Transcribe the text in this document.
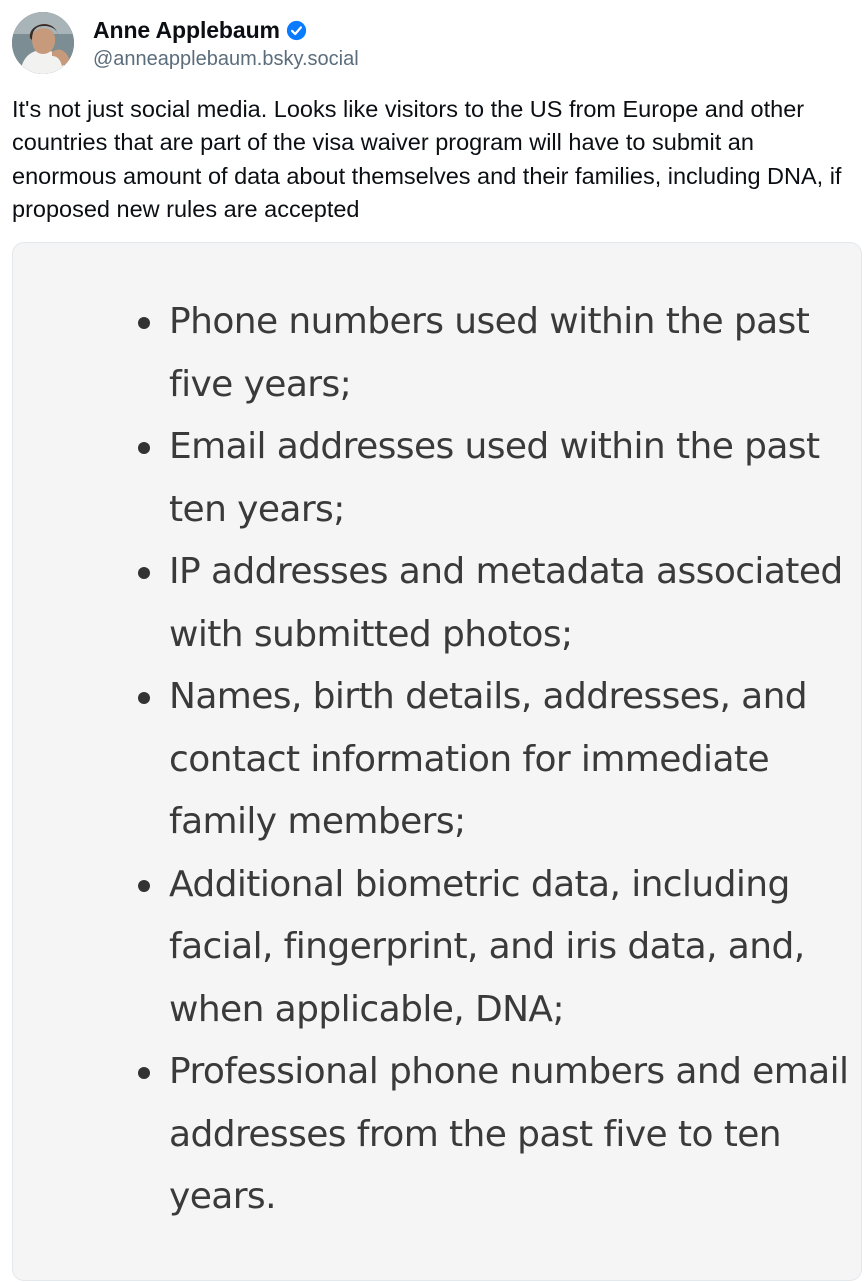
Anne Applebaum
@anneapplebaum.bsky.social

It's not just social media. Looks like visitors to the US from Europe and other countries that are part of the visa waiver program will have to submit an enormous amount of data about themselves and their families, including DNA, if proposed new rules are accepted

Phone numbers used within the past five years;
Email addresses used within the past ten years;
IP addresses and metadata associated with submitted photos;
Names, birth details, addresses, and contact information for immediate family members;
Additional biometric data, including facial, fingerprint, and iris data, and, when applicable, DNA;
Professional phone numbers and email addresses from the past five to ten years.
